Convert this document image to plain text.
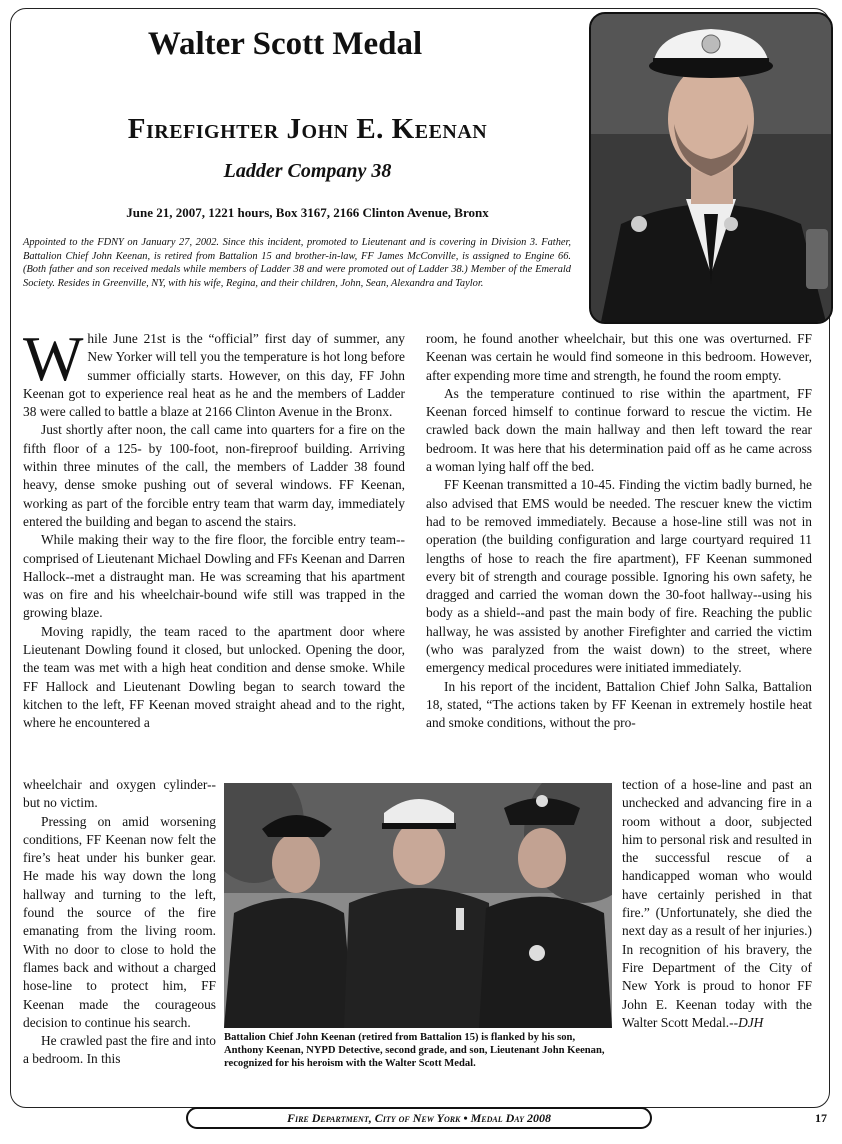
Walter Scott Medal
Firefighter John E. Keenan
Ladder Company 38
June 21, 2007, 1221 hours, Box 3167, 2166 Clinton Avenue, Bronx

Appointed to the FDNY on January 27, 2002. Since this incident, promoted to Lieutenant and is covering in Division 3. Father, Battalion Chief John Keenan, is retired from Battalion 15 and brother-in-law, FF James McConville, is assigned to Engine 66. (Both father and son received medals while members of Ladder 38 and were promoted out of Ladder 38.) Member of the Emerald Society. Resides in Greenville, NY, with his wife, Regina, and their children, John, Sean, Alexandra and Taylor.

While June 21st is the “official” first day of summer, any New Yorker will tell you the temperature is hot long before summer officially starts. However, on this day, FF John Keenan got to experience real heat as he and the members of Ladder 38 were called to battle a blaze at 2166 Clinton Avenue in the Bronx.

Just shortly after noon, the call came into quarters for a fire on the fifth floor of a 125- by 100-foot, non-fireproof building. Arriving within three minutes of the call, the members of Ladder 38 found heavy, dense smoke pushing out of several windows. FF Keenan, working as part of the forcible entry team that warm day, immediately entered the building and began to ascend the stairs.

While making their way to the fire floor, the forcible entry team--comprised of Lieutenant Michael Dowling and FFs Keenan and Darren Hallock--met a distraught man. He was screaming that his apartment was on fire and his wheelchair-bound wife still was trapped in the growing blaze.

Moving rapidly, the team raced to the apartment door where Lieutenant Dowling found it closed, but unlocked. Opening the door, the team was met with a high heat condition and dense smoke. While FF Hallock and Lieutenant Dowling began to search toward the kitchen to the left, FF Keenan moved straight ahead and to the right, where he encountered a

wheelchair and oxygen cylinder--but no victim.

Pressing on amid worsening conditions, FF Keenan now felt the fire’s heat under his bunker gear. He made his way down the long hallway and turning to the left, found the source of the fire emanating from the living room. With no door to close to hold the flames back and without a charged hose-line to protect him, FF Keenan made the courageous decision to continue his search.

He crawled past the fire and into a bedroom. In this

room, he found another wheelchair, but this one was overturned. FF Keenan was certain he would find someone in this bedroom. However, after expending more time and strength, he found the room empty.

As the temperature continued to rise within the apartment, FF Keenan forced himself to continue forward to rescue the victim. He crawled back down the main hallway and then left toward the rear bedroom. It was here that his determination paid off as he came across a woman lying half off the bed.

FF Keenan transmitted a 10-45. Finding the victim badly burned, he also advised that EMS would be needed. The rescuer knew the victim had to be removed immediately. Because a hose-line still was not in operation (the building configuration and large courtyard required 11 lengths of hose to reach the fire apartment), FF Keenan summoned every bit of strength and courage possible. Ignoring his own safety, he dragged and carried the woman down the 30-foot hallway--using his body as a shield--and past the main body of fire. Reaching the public hallway, he was assisted by another Firefighter and carried the victim (who was paralyzed from the waist down) to the street, where emergency medical procedures were initiated immediately.

In his report of the incident, Battalion Chief John Salka, Battalion 18, stated, “The actions taken by FF Keenan in extremely hostile heat and smoke conditions, without the pro-

tection of a hose-line and past an unchecked and advancing fire in a room without a door, subjected him to personal risk and resulted in the successful rescue of a handicapped woman who would have certainly perished in that fire.” (Unfortunately, she died the next day as a result of her injuries.) In recognition of his bravery, the Fire Department of the City of New York is proud to honor FF John E. Keenan today with the Walter Scott Medal.--DJH

Battalion Chief John Keenan (retired from Battalion 15) is flanked by his son, Anthony Keenan, NYPD Detective, second grade, and son, Lieutenant John Keenan, recognized for his heroism with the Walter Scott Medal.

Fire Department, City of New York • Medal Day 2008	17
